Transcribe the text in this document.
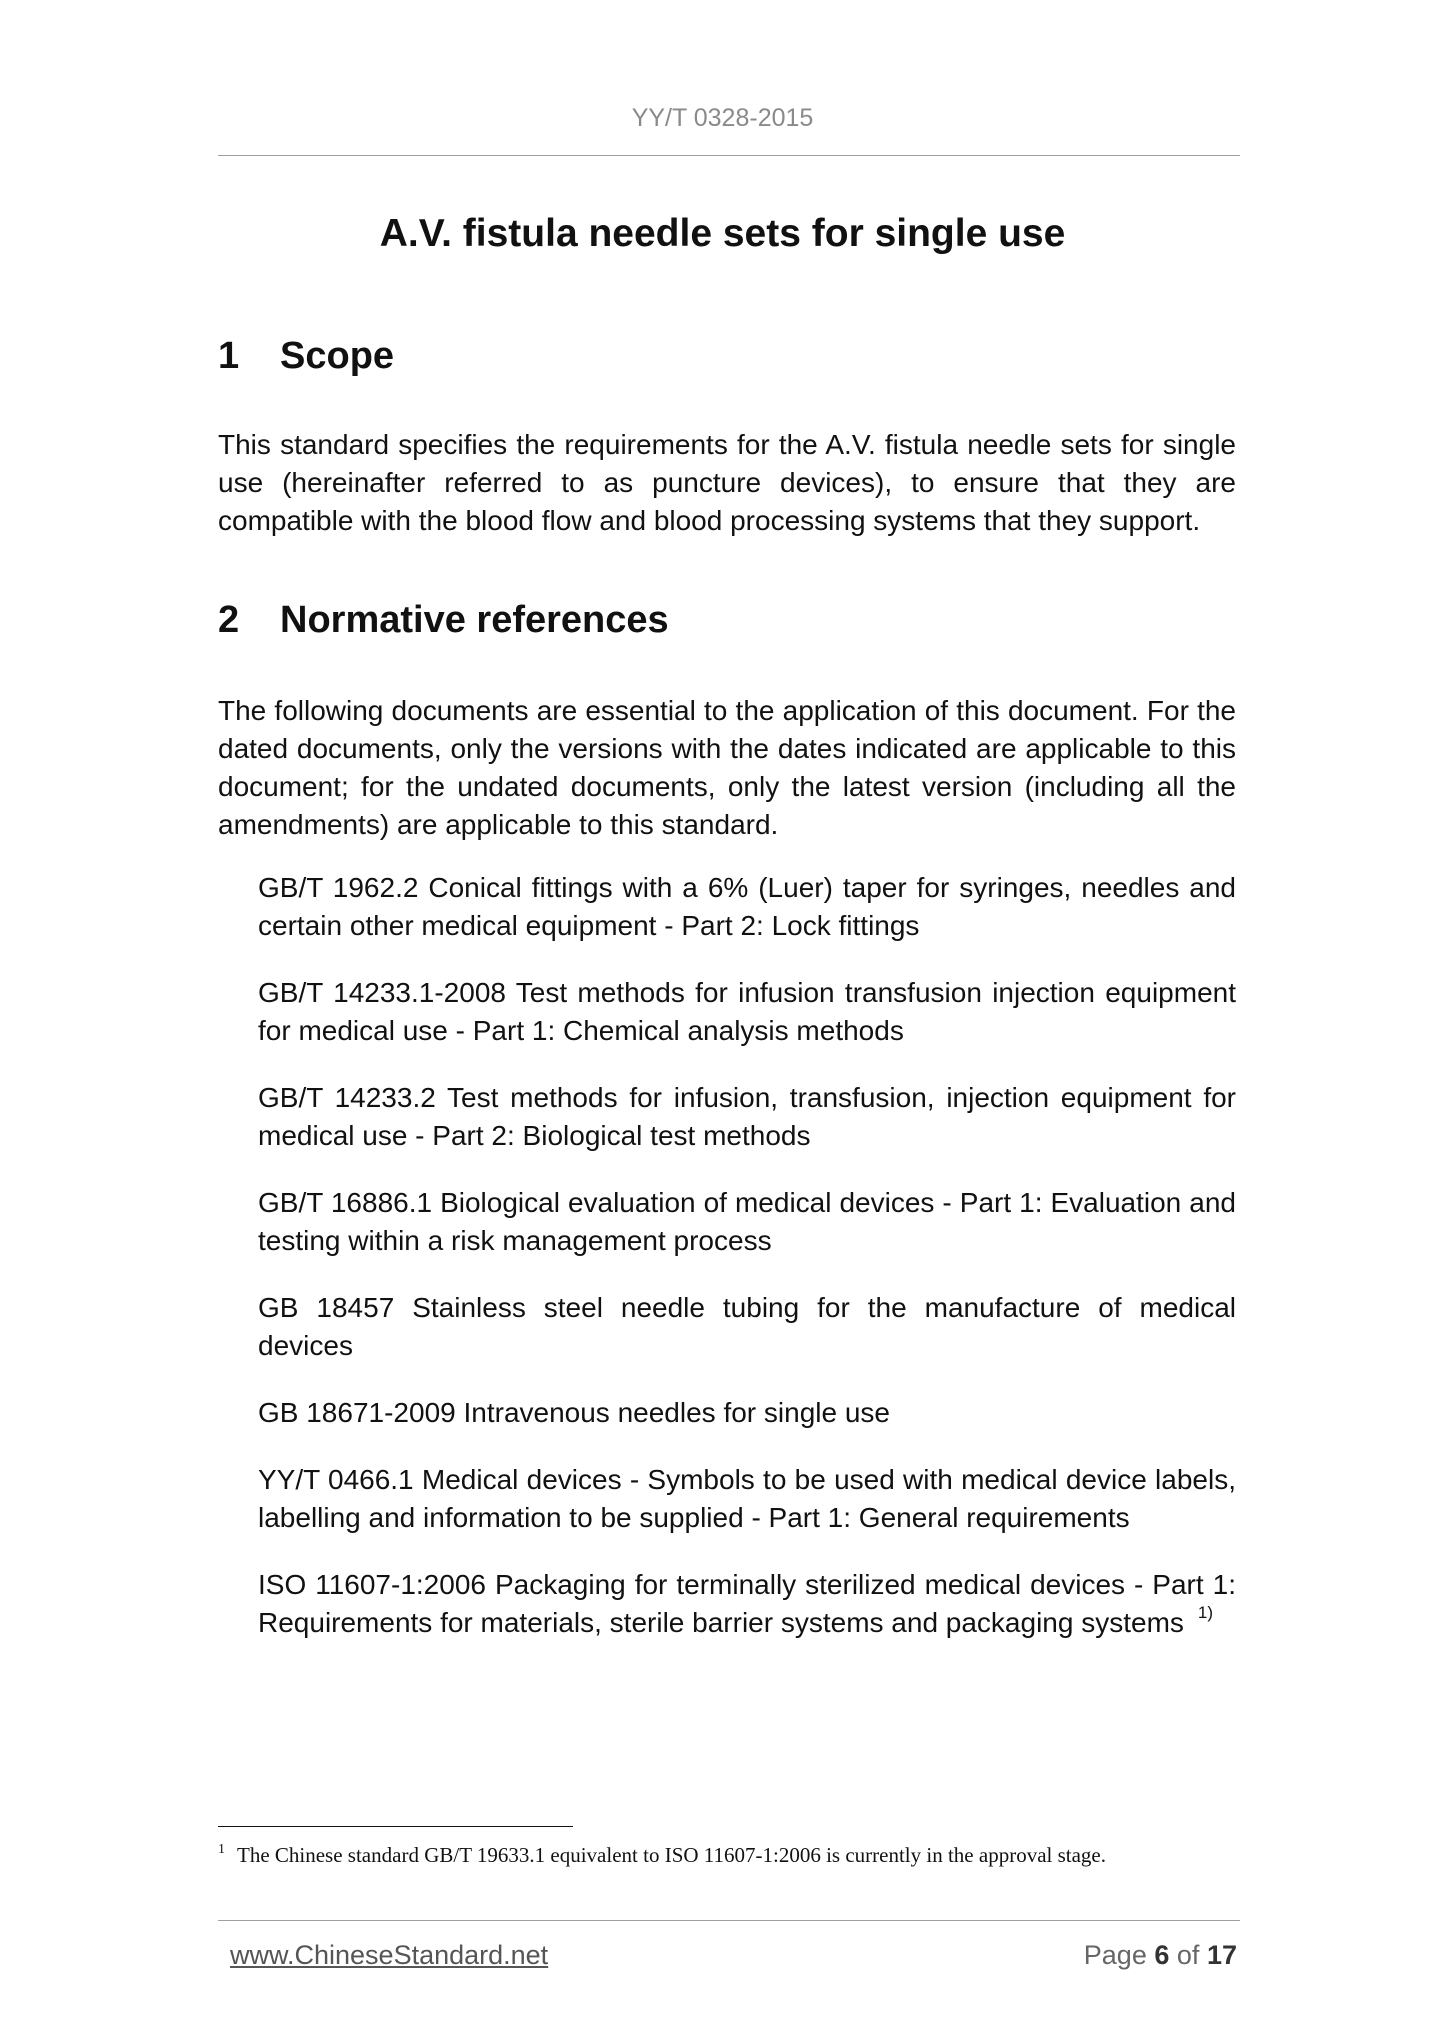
YY/T 0328-2015
A.V. fistula needle sets for single use
1 Scope
This standard specifies the requirements for the A.V. fistula needle sets for single use (hereinafter referred to as puncture devices), to ensure that they are compatible with the blood flow and blood processing systems that they support.
2 Normative references
The following documents are essential to the application of this document. For the dated documents, only the versions with the dates indicated are applicable to this document; for the undated documents, only the latest version (including all the amendments) are applicable to this standard.
GB/T 1962.2 Conical fittings with a 6% (Luer) taper for syringes, needles and certain other medical equipment - Part 2: Lock fittings
GB/T 14233.1-2008 Test methods for infusion transfusion injection equipment for medical use - Part 1: Chemical analysis methods
GB/T 14233.2 Test methods for infusion, transfusion, injection equipment for medical use - Part 2: Biological test methods
GB/T 16886.1 Biological evaluation of medical devices - Part 1: Evaluation and testing within a risk management process
GB 18457 Stainless steel needle tubing for the manufacture of medical devices
GB 18671-2009 Intravenous needles for single use
YY/T 0466.1 Medical devices - Symbols to be used with medical device labels, labelling and information to be supplied - Part 1: General requirements
ISO 11607-1:2006 Packaging for terminally sterilized medical devices - Part 1: Requirements for materials, sterile barrier systems and packaging systems $^{1)}$
$^1$ The Chinese standard GB/T 19633.1 equivalent to ISO 11607-1:2006 is currently in the approval stage.
www.ChineseStandard.net	Page 6 of 17
